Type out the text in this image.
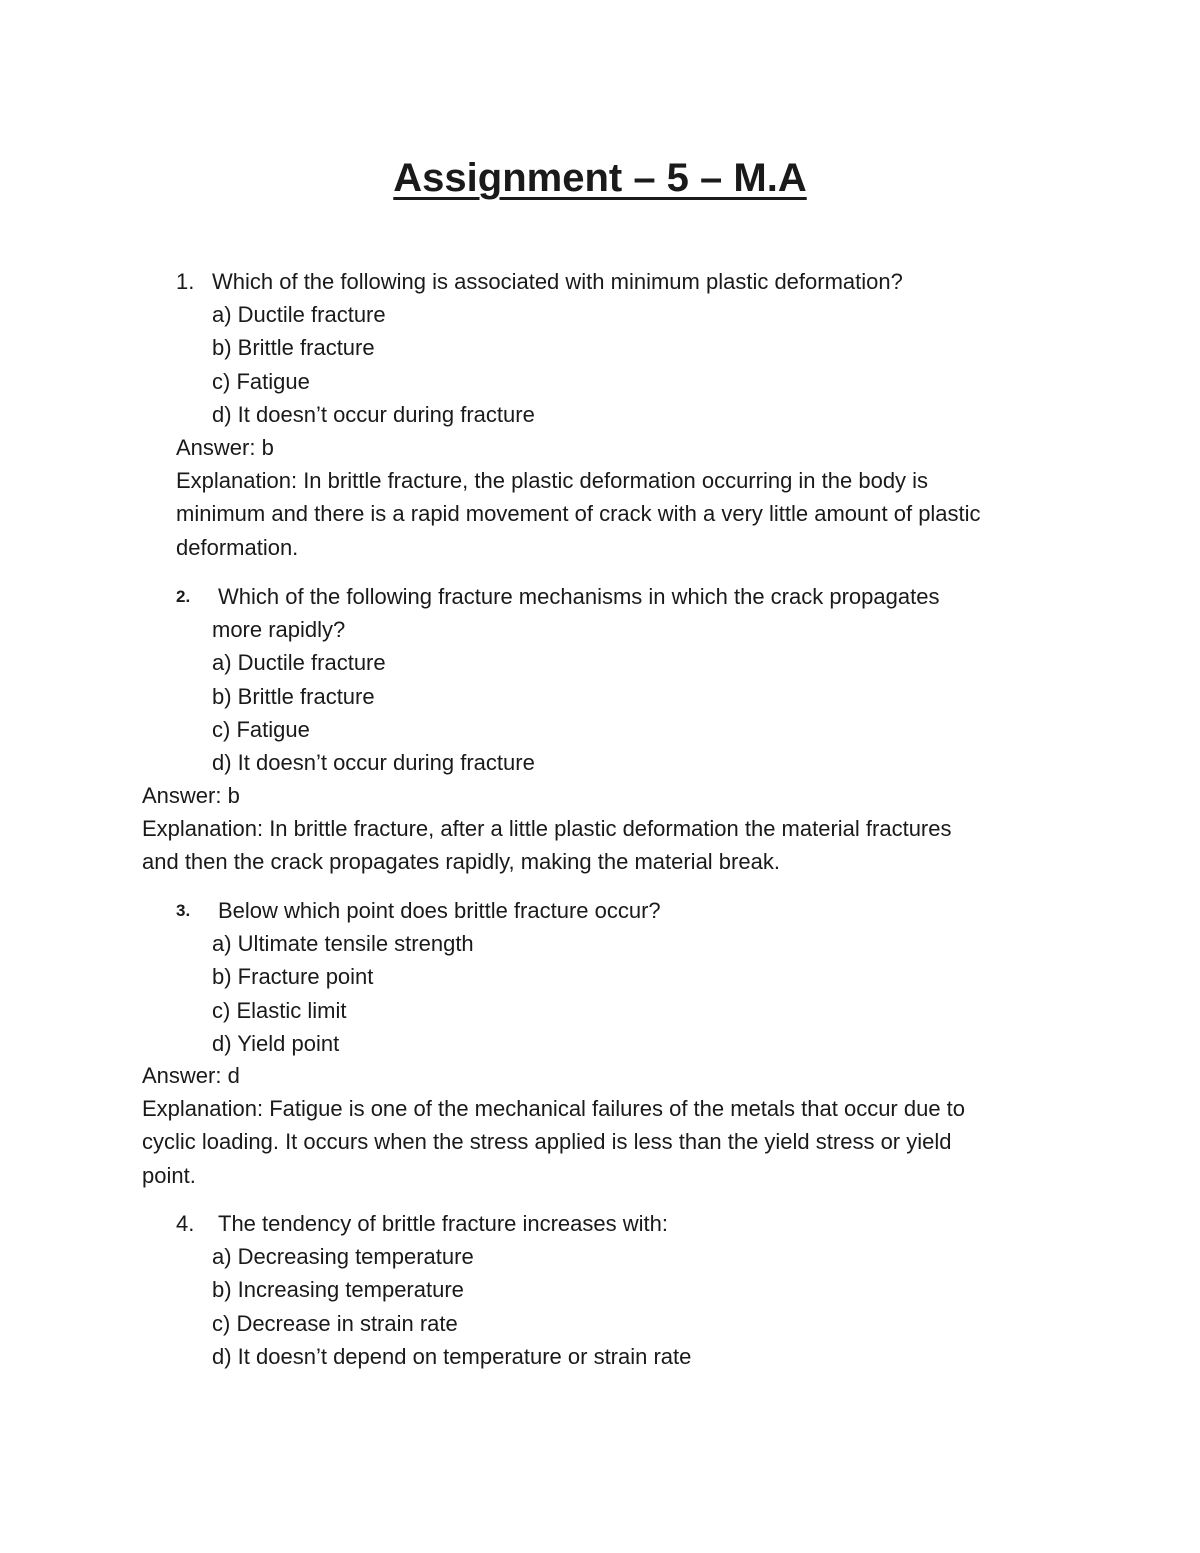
Assignment – 5 – M.A
1. Which of the following is associated with minimum plastic deformation?
a) Ductile fracture
b) Brittle fracture
c) Fatigue
d) It doesn’t occur during fracture
Answer: b
Explanation: In brittle fracture, the plastic deformation occurring in the body is
minimum and there is a rapid movement of crack with a very little amount of plastic
deformation.
2.	Which of the following fracture mechanisms in which the crack propagates
more rapidly?
a) Ductile fracture
b) Brittle fracture
c) Fatigue
d) It doesn’t occur during fracture
Answer: b
Explanation: In brittle fracture, after a little plastic deformation the material fractures
and then the crack propagates rapidly, making the material break.
3.	Below which point does brittle fracture occur?
a) Ultimate tensile strength
b) Fracture point
c) Elastic limit
d) Yield point
Answer: d
Explanation: Fatigue is one of the mechanical failures of the metals that occur due to
cyclic loading. It occurs when the stress applied is less than the yield stress or yield
point.
4.	The tendency of brittle fracture increases with:
a) Decreasing temperature
b) Increasing temperature
c) Decrease in strain rate
d) It doesn’t depend on temperature or strain rate
